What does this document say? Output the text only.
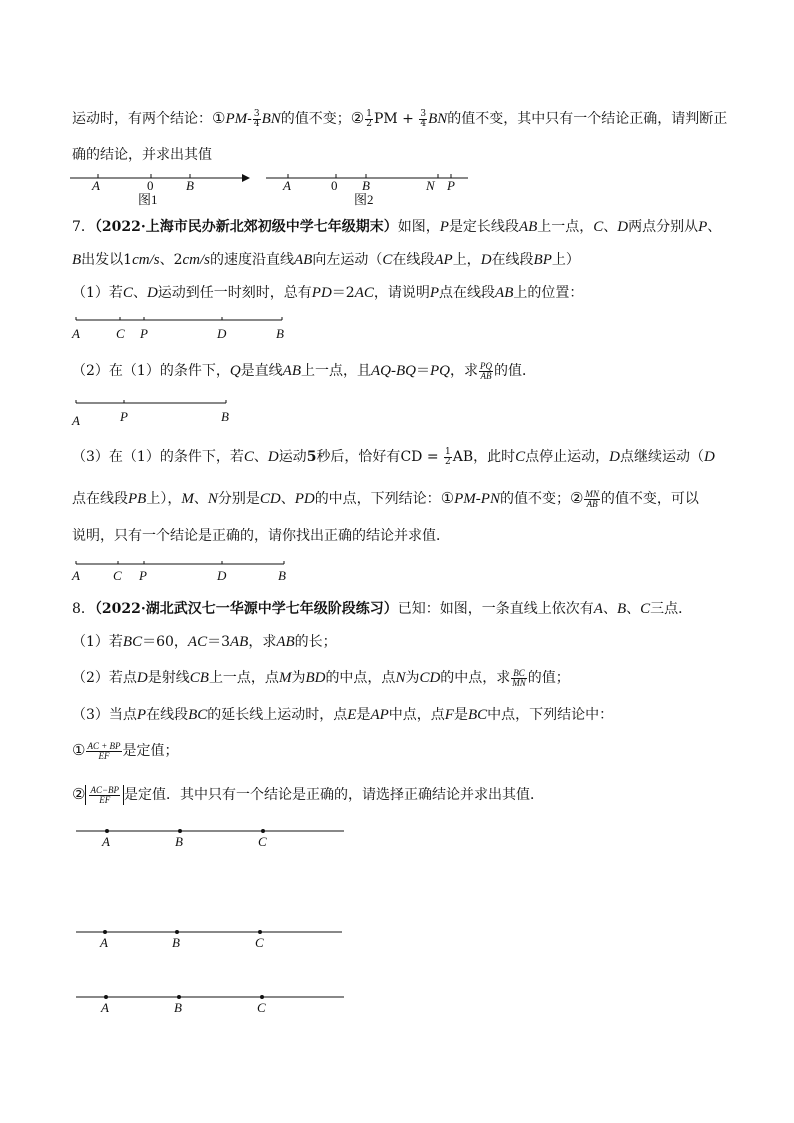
运动时，有两个结论：①PM- $\frac{3}{4}$ BN的值不变；② $\frac{1}{2}$ PM + $\frac{3}{4}$ BN的值不变，其中只有一个结论正确，请判断正
确的结论，并求出其值
A	0	B
图1
A	0 B	N P
图2
7．（2022·上海市民办新北郊初级中学七年级期末）如图，P是定长线段AB上一点，C、D两点分别从P、
B出发以1cm/s、2cm/s的速度沿直线AB向左运动（C在线段AP上，D在线段BP上）
（1）若C、D运动到任一时刻时，总有PD＝2AC，请说明P点在线段AB上的位置：
A	C P	D	B
（2）在（1）的条件下，Q是直线AB上一点，且AQ-BQ＝PQ，求 $\frac{PQ}{AB}$ 的值．
A	P	B
（3）在（1）的条件下，若C、D运动5秒后，恰好有CD = $\frac{1}{2}$ AB，此时C点停止运动，D点继续运动（D
点在线段PB上），M、N分别是CD、PD的中点，下列结论：①PM-PN的值不变；② $\frac{MN}{AB}$ 的值不变，可以
说明，只有一个结论是正确的，请你找出正确的结论并求值．
A	C P	D	B
8．（2022·湖北武汉七一华源中学七年级阶段练习）已知：如图，一条直线上依次有A、B、C三点．
（1）若BC＝60，AC＝3AB，求AB的长；
（2）若点D是射线CB上一点，点M为BD的中点，点N为CD的中点，求 $\frac{BC}{MN}$ 的值；
（3）当点P在线段BC的延长线上运动时，点E是AP中点，点F是BC中点，下列结论中：
① $\frac{AC + BP}{EF}$ 是定值；
② $\frac{AC-BP}{EF}$ 是定值．其中只有一个结论是正确的，请选择正确结论并求出其值．
A	B	C
A	B	C
A	B	C
